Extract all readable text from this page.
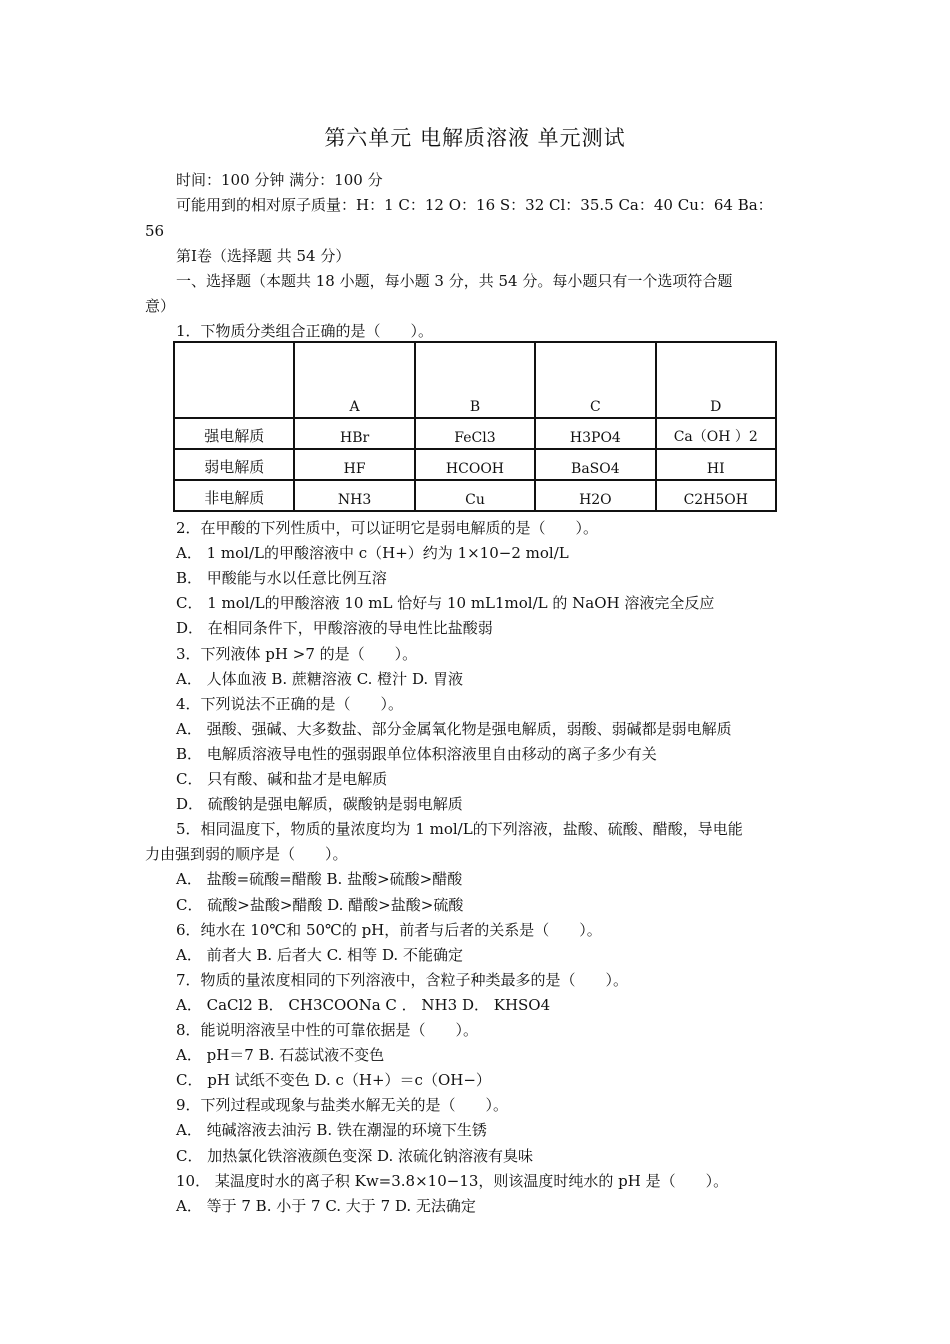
第六单元 电解质溶液 单元测试
时间：100 分钟 满分：100 分
可能用到的相对原子质量：H：1 C：12 O：16 S：32 Cl：35.5 Ca：40 Cu：64 Ba：
56
第Ⅰ卷（选择题 共 54 分）
一、选择题（本题共 18 小题，每小题 3 分，共 54 分。每小题只有一个选项符合题
意）
1．下物质分类组合正确的是（　　）。
	A	B	C	D
强电解质	HBr	FeCl3	H3PO4	Ca（OH ）2
弱电解质	HF	HCOOH	BaSO4	HI
非电解质	NH3	Cu	H2O	C2H5OH
2．在甲酸的下列性质中，可以证明它是弱电解质的是（　　）。
A． 1 mol/L的甲酸溶液中 c（H+）约为 1×10−2 mol/L
B． 甲酸能与水以任意比例互溶
C． 1 mol/L的甲酸溶液 10 mL 恰好与 10 mL1mol/L 的 NaOH 溶液完全反应
D． 在相同条件下，甲酸溶液的导电性比盐酸弱
3．下列液体 pH >7 的是（　　）。
A． 人体血液 B. 蔗糖溶液 C. 橙汁 D. 胃液
4．下列说法不正确的是（　　）。
A． 强酸、强碱、大多数盐、部分金属氧化物是强电解质，弱酸、弱碱都是弱电解质
B． 电解质溶液导电性的强弱跟单位体积溶液里自由移动的离子多少有关
C． 只有酸、碱和盐才是电解质
D． 硫酸钠是强电解质，碳酸钠是弱电解质
5．相同温度下，物质的量浓度均为 1 mol/L的下列溶液，盐酸、硫酸、醋酸，导电能
力由强到弱的顺序是（　　）。
A． 盐酸=硫酸=醋酸 B. 盐酸>硫酸>醋酸
C． 硫酸>盐酸>醋酸 D. 醋酸>盐酸>硫酸
6．纯水在 10℃和 50℃的 pH，前者与后者的关系是（　　）。
A． 前者大 B. 后者大 C. 相等 D. 不能确定
7．物质的量浓度相同的下列溶液中，含粒子种类最多的是（　　）。
A． CaCl2 B． CH3COONa C ． NH3 D． KHSO4
8．能说明溶液呈中性的可靠依据是（　　）。
A． pH＝7 B. 石蕊试液不变色
C． pH 试纸不变色 D. c（H+）＝c（OH−）
9．下列过程或现象与盐类水解无关的是（　　）。
A． 纯碱溶液去油污 B. 铁在潮湿的环境下生锈
C． 加热氯化铁溶液颜色变深 D. 浓硫化钠溶液有臭味
10． 某温度时水的离子积 Kw=3.8×10−13，则该温度时纯水的 pH 是（　　）。
A． 等于 7 B. 小于 7 C. 大于 7 D. 无法确定
